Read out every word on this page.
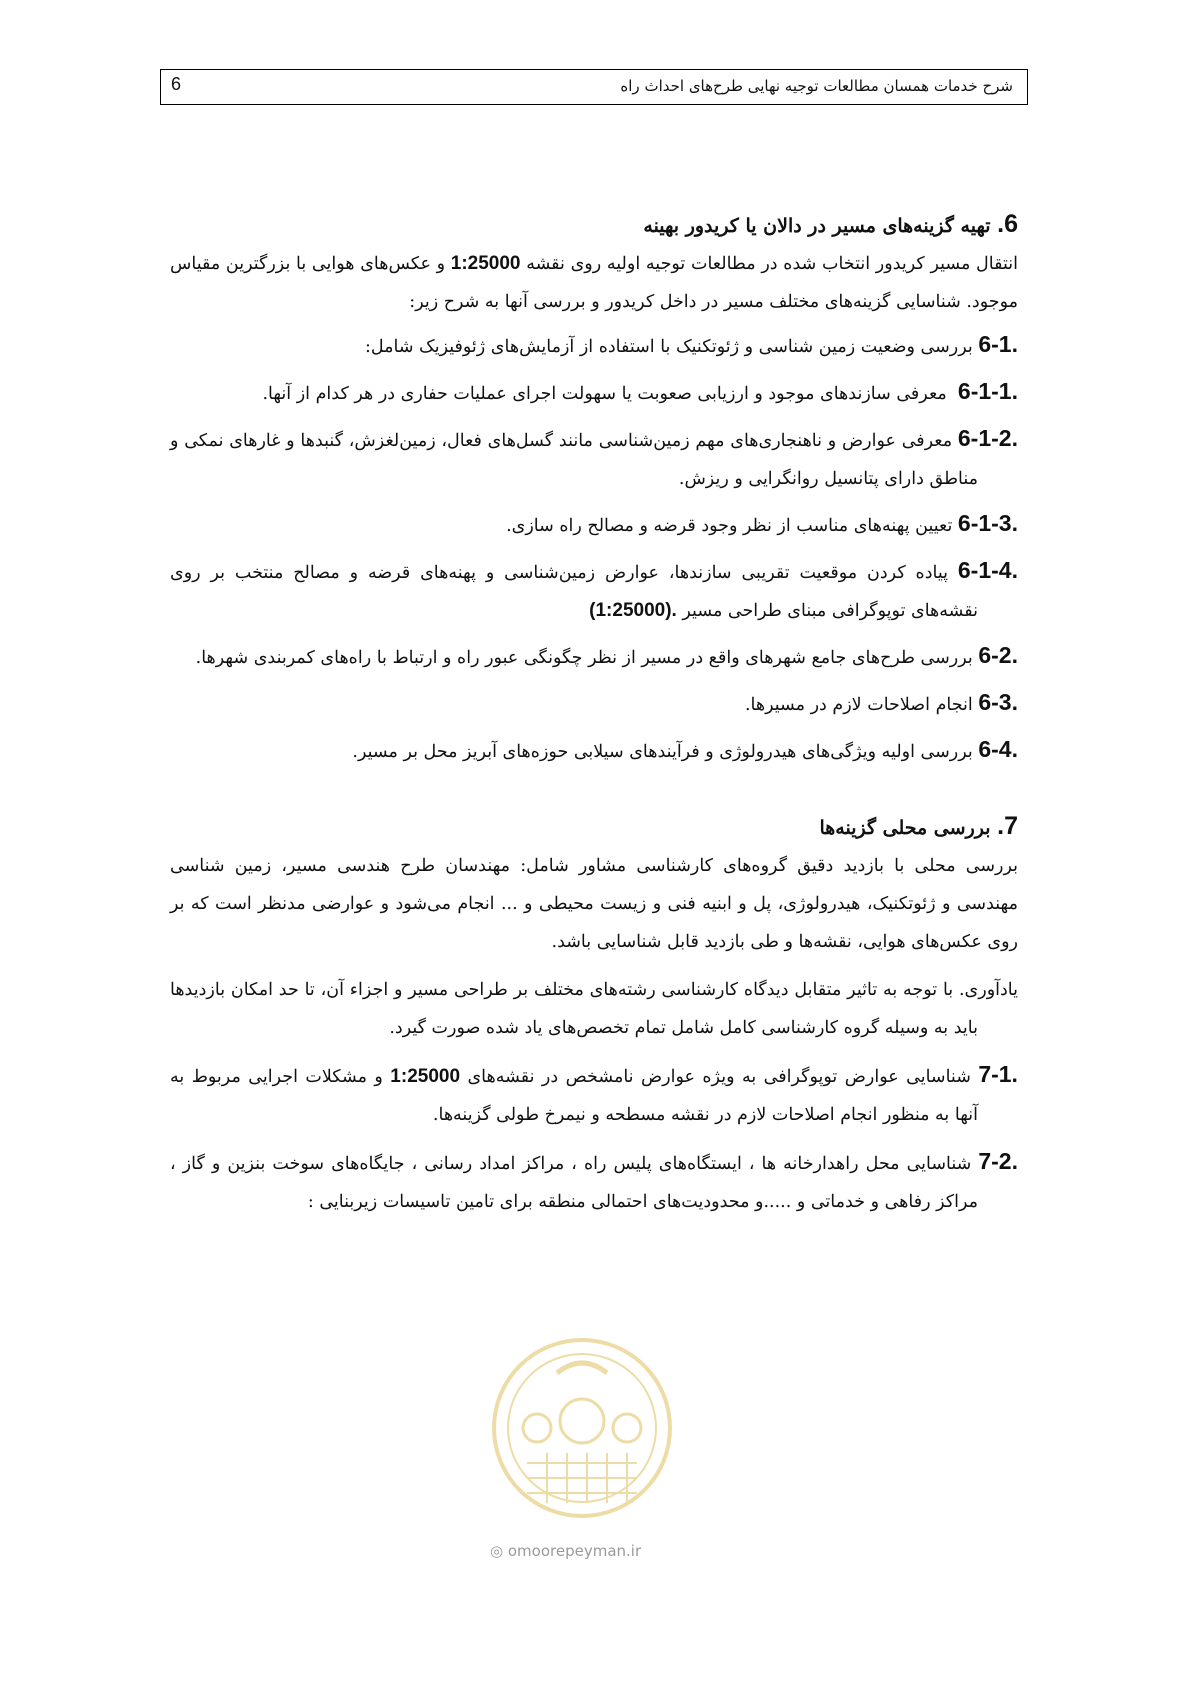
شرح خدمات همسان مطالعات توجیه نهایی طرح‌های احداث راه
6

6. تهیه گزینه‌های مسیر در دالان یا کریدور بهینه

انتقال مسیر کریدور انتخاب شده در مطالعات توجیه اولیه روی نقشه 1:25000 و عکس‌های هوایی با بزرگترین مقیاس موجود. شناسایی گزینه‌های مختلف مسیر در داخل کریدور و بررسی آنها به شرح زیر:

6-1. بررسی وضعیت زمین شناسی و ژئوتکنیک با استفاده از آزمایش‌های ژئوفیزیک شامل:

6-1-1.  معرفی سازندهای موجود و ارزیابی صعوبت یا سهولت اجرای عملیات حفاری در هر کدام از آنها.

6-1-2. معرفی عوارض و ناهنجاری‌های مهم زمین‌شناسی مانند گسل‌های فعال، زمین‌لغزش، گنبدها و غارهای نمکی و مناطق دارای پتانسیل روانگرایی و ریزش.

6-1-3. تعیین پهنه‌های مناسب از نظر وجود قرضه و مصالح راه سازی.

6-1-4. پیاده کردن موقعیت تقریبی سازندها، عوارض زمین‌شناسی و پهنه‌های قرضه و مصالح منتخب بر روی نقشه‌های توپوگرافی مبنای طراحی مسیر (1:25000).

6-2. بررسی طرح‌های جامع شهرهای واقع در مسیر از نظر چگونگی عبور راه و ارتباط با راه‌های کمربندی شهرها.

6-3. انجام اصلاحات لازم در مسیرها.

6-4. بررسی اولیه ویژگی‌های هیدرولوژی و فرآیندهای سیلابی حوزه‌های آبریز محل بر مسیر.

7. بررسی محلی گزینه‌ها

بررسی محلی با بازدید دقیق گروه‌های کارشناسی مشاور شامل: مهندسان طرح هندسی مسیر، زمین شناسی مهندسی و ژئوتکنیک، هیدرولوژی، پل و ابنیه فنی و زیست محیطی و ... انجام می‌شود و عوارضی مدنظر است که بر روی عکس‌های هوایی، نقشه‌ها و طی بازدید قابل شناسایی باشد.

یادآوری. با توجه به تاثیر متقابل دیدگاه کارشناسی رشته‌های مختلف بر طراحی مسیر و اجزاء آن، تا حد امکان بازدیدها باید به وسیله گروه کارشناسی کامل شامل تمام تخصص‌های یاد شده صورت گیرد.

7-1. شناسایی عوارض توپوگرافی به ویژه عوارض نامشخص در نقشه‌های 1:25000 و مشکلات اجرایی مربوط به آنها به منظور انجام اصلاحات لازم در نقشه مسطحه و نیمرخ طولی گزینه‌ها.

7-2. شناسایی محل راهدارخانه ها ، ایستگاه‌های پلیس راه ، مراکز امداد رسانی ، جایگاه‌های سوخت بنزین و گاز ، مراکز رفاهی و خدماتی و .....و محدودیت‌های احتمالی منطقه برای تامین تاسیسات زیربنایی :

◎ omoorepeyman.ir
